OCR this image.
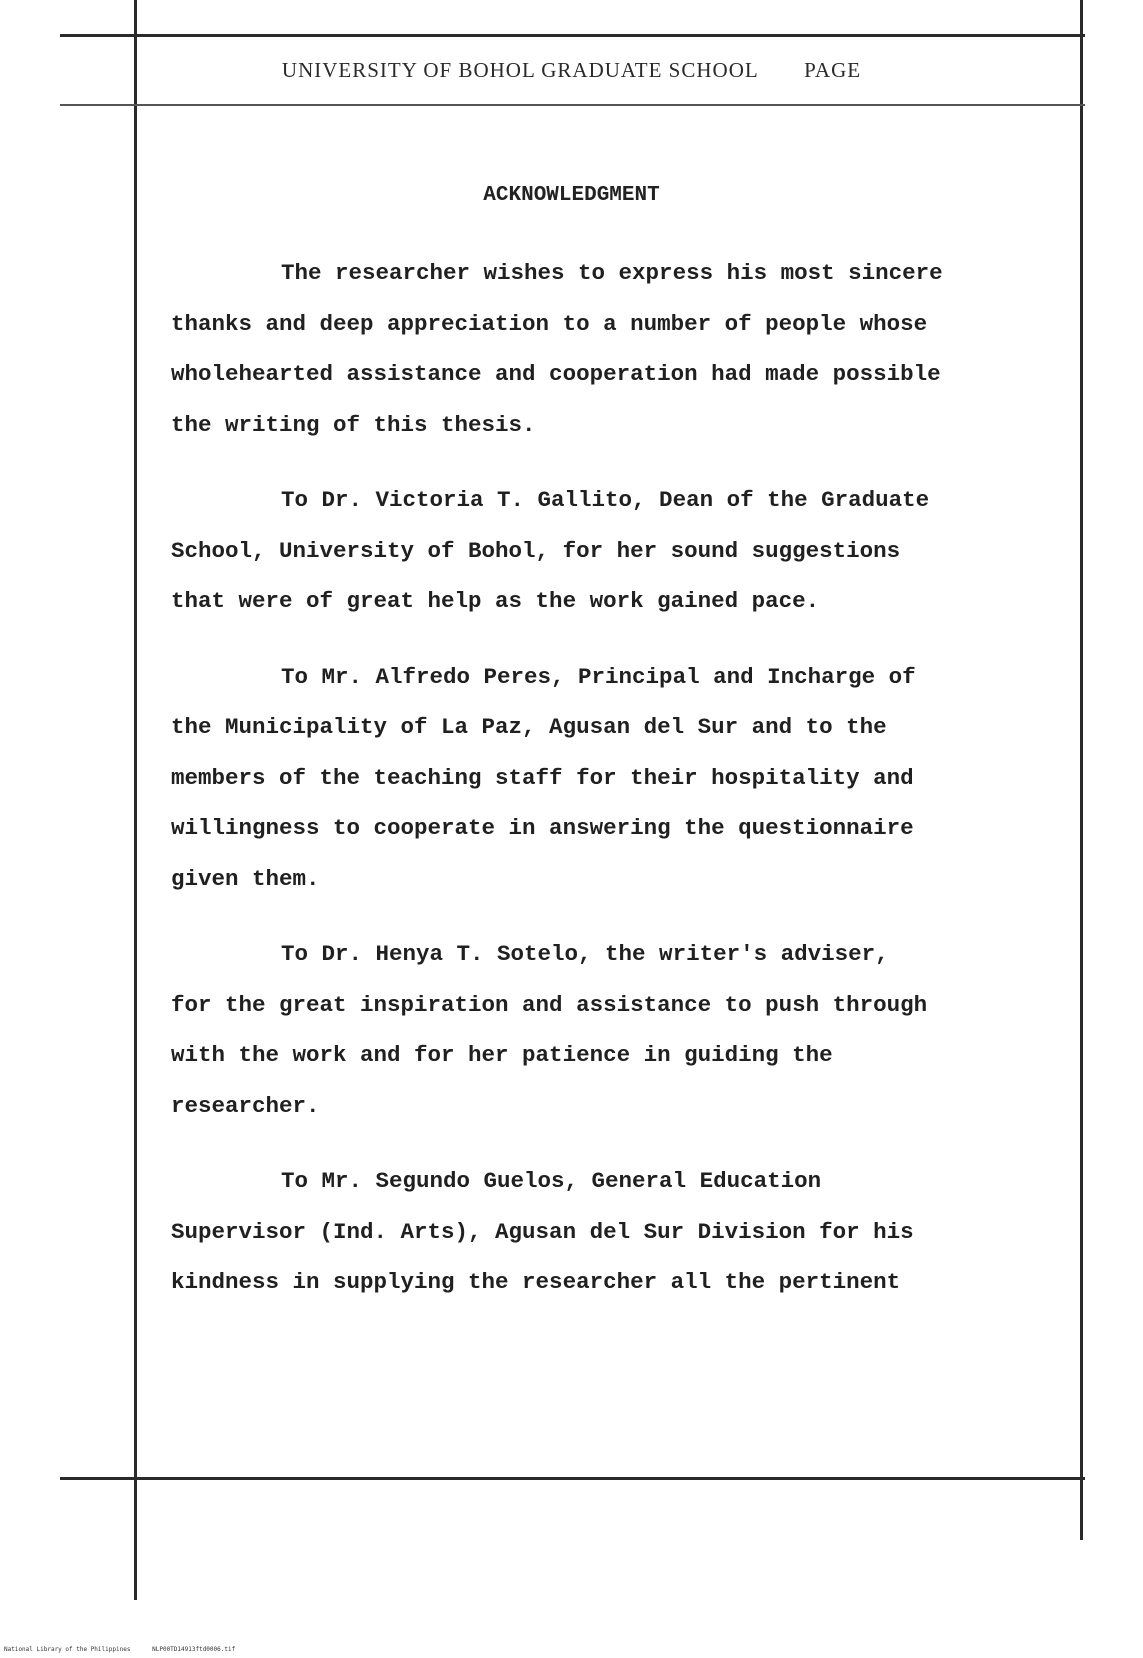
UNIVERSITY OF BOHOL GRADUATE SCHOOL PAGE
ACKNOWLEDGMENT
The researcher wishes to express his most sincere
thanks and deep appreciation to a number of people whose
wholehearted assistance and cooperation had made possible
the writing of this thesis.
To Dr. Victoria T. Gallito, Dean of the Graduate
School, University of Bohol, for her sound suggestions
that were of great help as the work gained pace.
To Mr. Alfredo Peres, Principal and Incharge of
the Municipality of La Paz, Agusan del Sur and to the
members of the teaching staff for their hospitality and
willingness to cooperate in answering the questionnaire
given them.
To Dr. Henya T. Sotelo, the writer's adviser,
for the great inspiration and assistance to push through
with the work and for her patience in guiding the
researcher.
To Mr. Segundo Guelos, General Education
Supervisor (Ind. Arts), Agusan del Sur Division for his
kindness in supplying the researcher all the pertinent
National Library of the Philippines	NLP00TD14913ftd0006.tif
